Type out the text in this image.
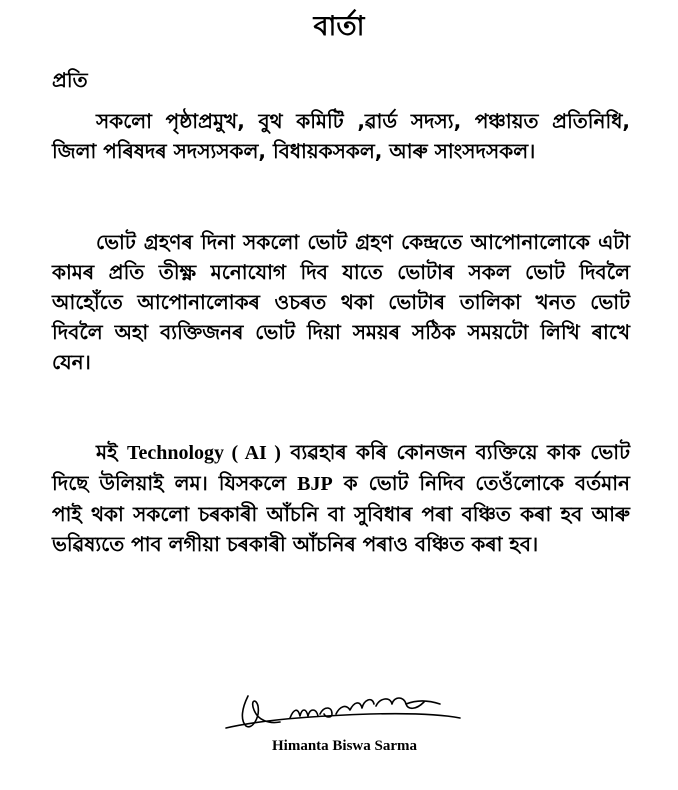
বাৰ্তা
প্ৰতি

সকলো পৃষ্ঠাপ্ৰমুখ, বুথ কমিটি ,ৱাৰ্ড সদস্য, পঞ্চায়ত প্ৰতিনিধি, জিলা পৰিষদৰ সদস্যসকল, বিধায়কসকল, আৰু সাংসদসকল।

ভোট গ্ৰহণৰ দিনা সকলো ভোট গ্ৰহণ কেন্দ্ৰতে আপোনালোকে এটা কামৰ প্ৰতি তীক্ষ্ণ মনোযোগ দিব যাতে ভোটাৰ সকল ভোট দিবলৈ আহোঁতে আপোনালোকৰ ওচৰত থকা ভোটাৰ তালিকা খনত ভোট দিবলৈ অহা ব্যক্তিজনৰ ভোট দিয়া সময়ৰ সঠিক সময়টো লিখি ৰাখে যেন।

মই Technology ( AI ) ব্যৱহাৰ কৰি কোনজন ব্যক্তিয়ে কাক ভোট দিছে উলিয়াই লম। যিসকলে BJP ক ভোট নিদিব তেওঁলোকে বৰ্তমান পাই থকা সকলো চৰকাৰী আঁচনি বা সুবিধাৰ পৰা বঞ্চিত কৰা হব আৰু ভৱিষ্যতে পাব লগীয়া চৰকাৰী আঁচনিৰ পৰাও বঞ্চিত কৰা হব।

Himanta Biswa Sarma
